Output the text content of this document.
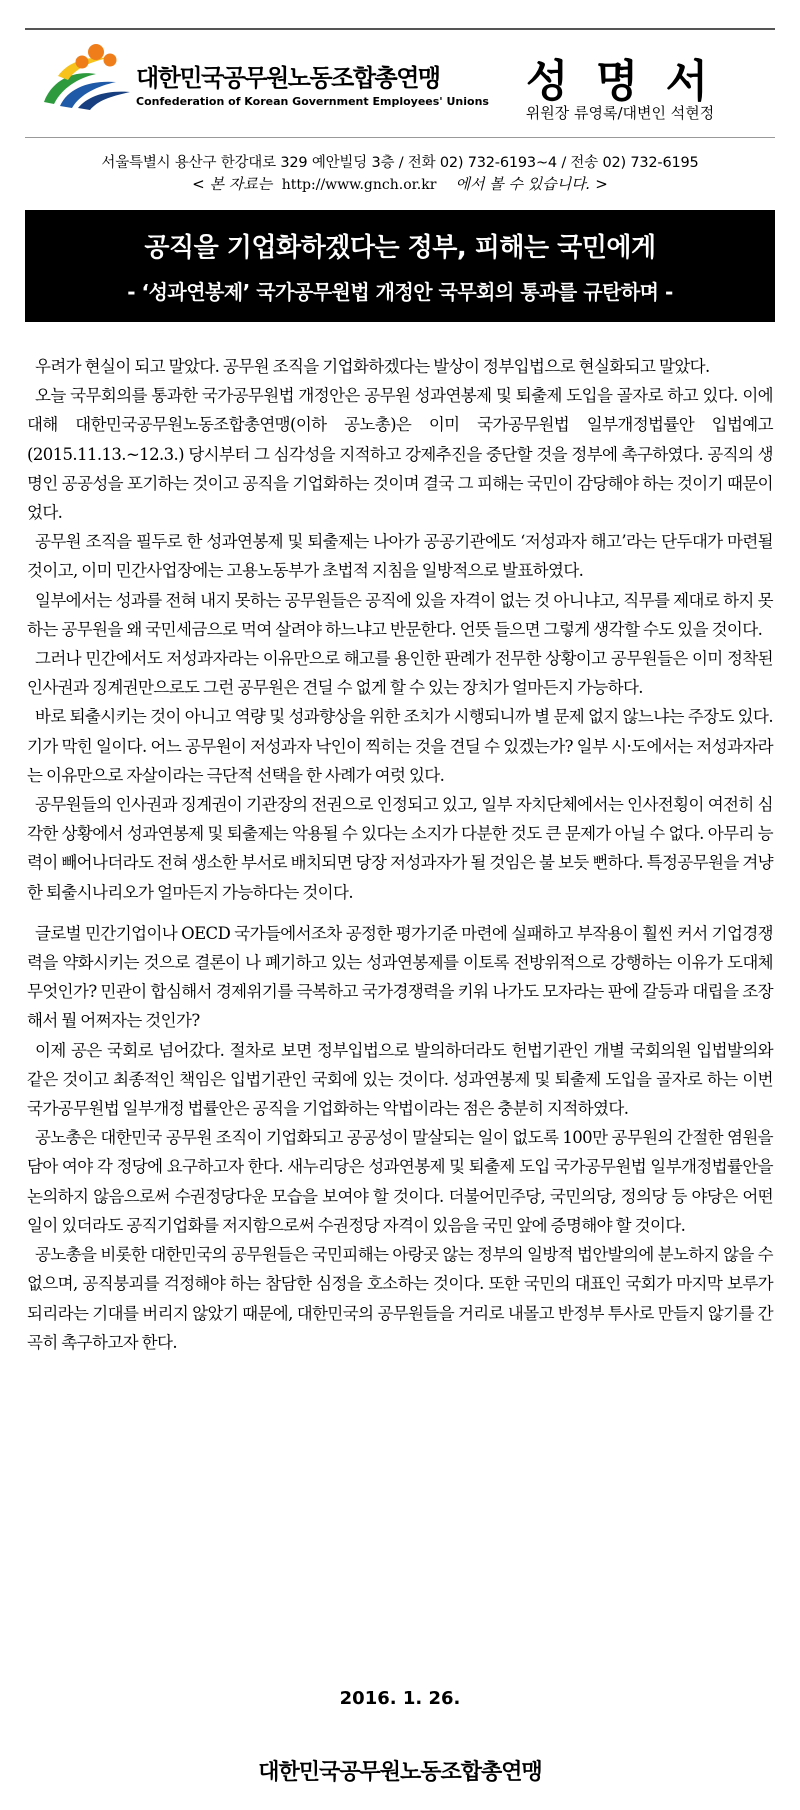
대한민국공무원노동조합총연맹
Confederation of Korean Government Employees' Unions 성 명 서
위원장 류영록/대변인 석현정
서울특별시 용산구 한강대로 329 예안빌딩 3층 / 전화 02) 732-6193~4 / 전송 02) 732-6195
< 본 자료는 http://www.gnch.or.kr 에서 볼 수 있습니다. >
공직을 기업화하겠다는 정부, 피해는 국민에게
- ‘성과연봉제’ 국가공무원법 개정안 국무회의 통과를 규탄하며 -

우려가 현실이 되고 말았다. 공무원 조직을 기업화하겠다는 발상이 정부입법으로 현실화되고 말았다.

오늘 국무회의를 통과한 국가공무원법 개정안은 공무원 성과연봉제 및 퇴출제 도입을 골자로 하고 있다. 이에 대해 대한민국공무원노동조합총연맹(이하 공노총)은 이미 국가공무원법 일부개정법률안 입법예고(2015.11.13.~12.3.) 당시부터 그 심각성을 지적하고 강제추진을 중단할 것을 정부에 촉구하였다. 공직의 생명인 공공성을 포기하는 것이고 공직을 기업화하는 것이며 결국 그 피해는 국민이 감당해야 하는 것이기 때문이었다.

공무원 조직을 필두로 한 성과연봉제 및 퇴출제는 나아가 공공기관에도 ‘저성과자 해고’라는 단두대가 마련될 것이고, 이미 민간사업장에는 고용노동부가 초법적 지침을 일방적으로 발표하였다.

일부에서는 성과를 전혀 내지 못하는 공무원들은 공직에 있을 자격이 없는 것 아니냐고, 직무를 제대로 하지 못하는 공무원을 왜 국민세금으로 먹여 살려야 하느냐고 반문한다. 언뜻 들으면 그렇게 생각할 수도 있을 것이다.

그러나 민간에서도 저성과자라는 이유만으로 해고를 용인한 판례가 전무한 상황이고 공무원들은 이미 정착된 인사권과 징계권만으로도 그런 공무원은 견딜 수 없게 할 수 있는 장치가 얼마든지 가능하다.

바로 퇴출시키는 것이 아니고 역량 및 성과향상을 위한 조치가 시행되니까 별 문제 없지 않느냐는 주장도 있다. 기가 막힌 일이다. 어느 공무원이 저성과자 낙인이 찍히는 것을 견딜 수 있겠는가? 일부 시·도에서는 저성과자라는 이유만으로 자살이라는 극단적 선택을 한 사례가 여럿 있다.

공무원들의 인사권과 징계권이 기관장의 전권으로 인정되고 있고, 일부 자치단체에서는 인사전횡이 여전히 심각한 상황에서 성과연봉제 및 퇴출제는 악용될 수 있다는 소지가 다분한 것도 큰 문제가 아닐 수 없다. 아무리 능력이 빼어나더라도 전혀 생소한 부서로 배치되면 당장 저성과자가 될 것임은 불 보듯 뻔하다. 특정공무원을 겨냥한 퇴출시나리오가 얼마든지 가능하다는 것이다.

글로벌 민간기업이나 OECD 국가들에서조차 공정한 평가기준 마련에 실패하고 부작용이 훨씬 커서 기업경쟁력을 약화시키는 것으로 결론이 나 폐기하고 있는 성과연봉제를 이토록 전방위적으로 강행하는 이유가 도대체 무엇인가? 민관이 합심해서 경제위기를 극복하고 국가경쟁력을 키워 나가도 모자라는 판에 갈등과 대립을 조장해서 뭘 어쩌자는 것인가?

이제 공은 국회로 넘어갔다. 절차로 보면 정부입법으로 발의하더라도 헌법기관인 개별 국회의원 입법발의와 같은 것이고 최종적인 책임은 입법기관인 국회에 있는 것이다. 성과연봉제 및 퇴출제 도입을 골자로 하는 이번 국가공무원법 일부개정 법률안은 공직을 기업화하는 악법이라는 점은 충분히 지적하였다.

공노총은 대한민국 공무원 조직이 기업화되고 공공성이 말살되는 일이 없도록 100만 공무원의 간절한 염원을 담아 여야 각 정당에 요구하고자 한다. 새누리당은 성과연봉제 및 퇴출제 도입 국가공무원법 일부개정법률안을 논의하지 않음으로써 수권정당다운 모습을 보여야 할 것이다. 더불어민주당, 국민의당, 정의당 등 야당은 어떤 일이 있더라도 공직기업화를 저지함으로써 수권정당 자격이 있음을 국민 앞에 증명해야 할 것이다.

공노총을 비롯한 대한민국의 공무원들은 국민피해는 아랑곳 않는 정부의 일방적 법안발의에 분노하지 않을 수 없으며, 공직붕괴를 걱정해야 하는 참담한 심정을 호소하는 것이다. 또한 국민의 대표인 국회가 마지막 보루가 되리라는 기대를 버리지 않았기 때문에, 대한민국의 공무원들을 거리로 내몰고 반정부 투사로 만들지 않기를 간곡히 촉구하고자 한다.

2016. 1. 26.
대한민국공무원노동조합총연맹
